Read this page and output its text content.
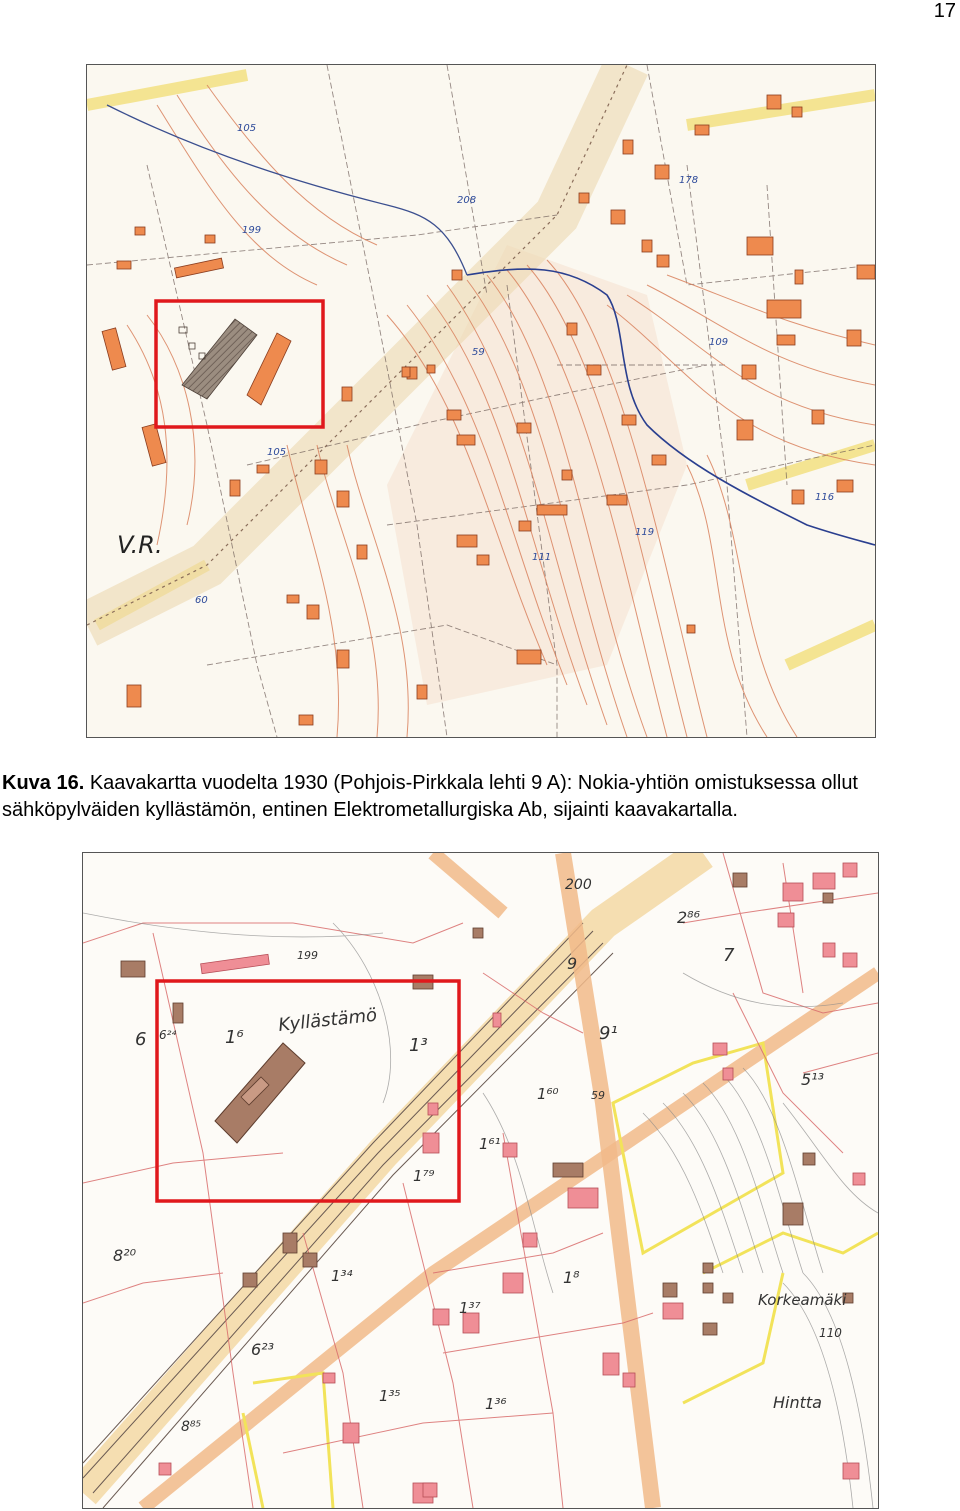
17
105
199
208
59
105
109
111
119
116
60
178
V.R.
Kuva 16. Kaavakartta vuodelta 1930 (Pohjois-Pirkkala lehti 9 A): Nokia-yhtiön omistuksessa ollut sähköpylväiden kyllästämön, entinen Elektrometallurgiska Ab, sijainti kaavakartalla.
Kyllästämö
199
200
6
59
Korkeamäki
Hintta
110
1⁶	1³
1⁶⁰
1⁶¹
1⁷⁹
9¹
2⁸⁶
7
1⁸
1³⁴
1³⁷
1³⁵	1³⁶
8²⁰
6²³
8⁸⁵
5¹³
6²⁴
9
